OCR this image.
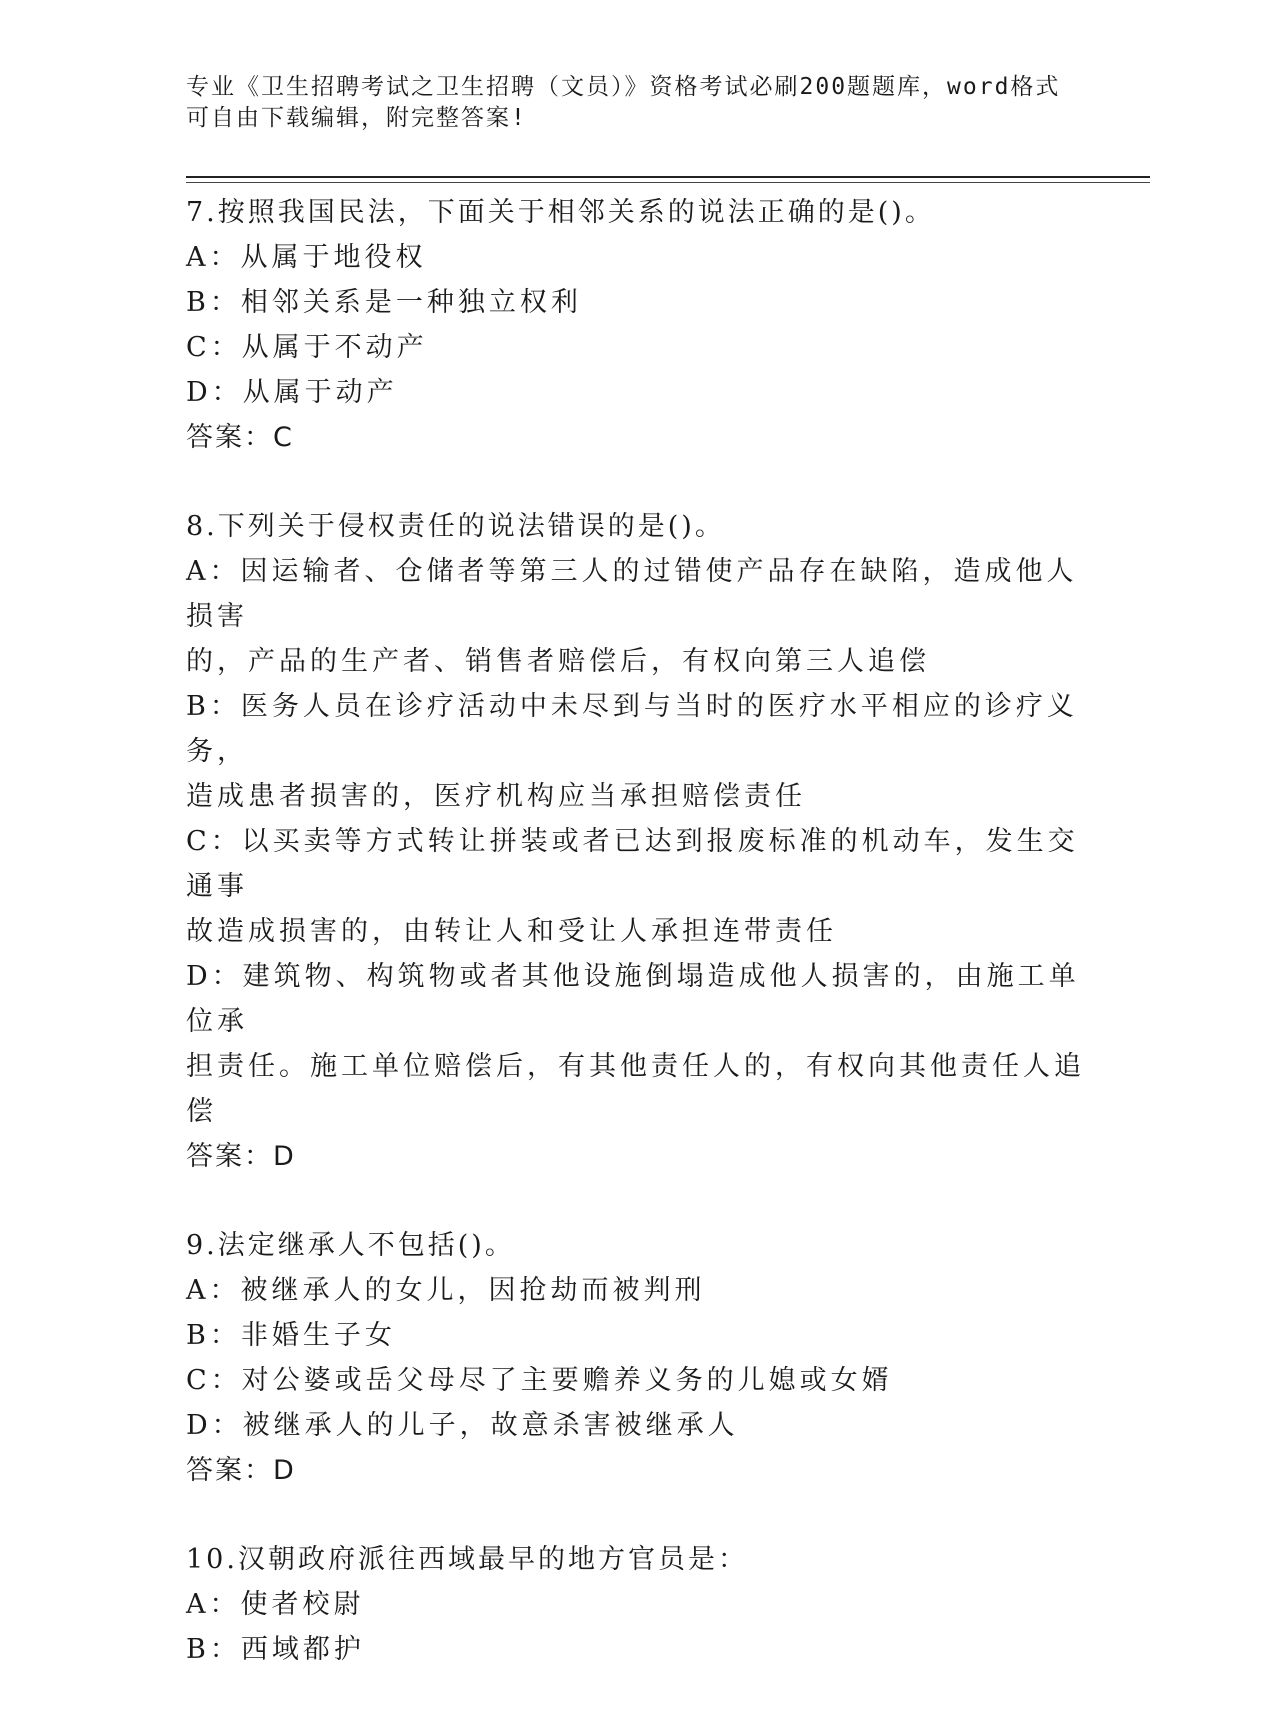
专业《卫生招聘考试之卫生招聘（文员）》资格考试必刷200题题库，word格式

可自由下载编辑，附完整答案!

7.按照我国民法，下面关于相邻关系的说法正确的是()。

A：从属于地役权

B：相邻关系是一种独立权利

C：从属于不动产

D：从属于动产

答案：C

8.下列关于侵权责任的说法错误的是()。

A：因运输者、仓储者等第三人的过错使产品存在缺陷，造成他人损害

的，产品的生产者、销售者赔偿后，有权向第三人追偿

B：医务人员在诊疗活动中未尽到与当时的医疗水平相应的诊疗义务，

造成患者损害的，医疗机构应当承担赔偿责任

C：以买卖等方式转让拼装或者已达到报废标准的机动车，发生交通事

故造成损害的，由转让人和受让人承担连带责任

D：建筑物、构筑物或者其他设施倒塌造成他人损害的，由施工单位承

担责任。施工单位赔偿后，有其他责任人的，有权向其他责任人追偿

答案：D

9.法定继承人不包括()。

A：被继承人的女儿，因抢劫而被判刑

B：非婚生子女

C：对公婆或岳父母尽了主要赡养义务的儿媳或女婿

D：被继承人的儿子，故意杀害被继承人

答案：D

10.汉朝政府派往西域最早的地方官员是：

A：使者校尉

B：西域都护
